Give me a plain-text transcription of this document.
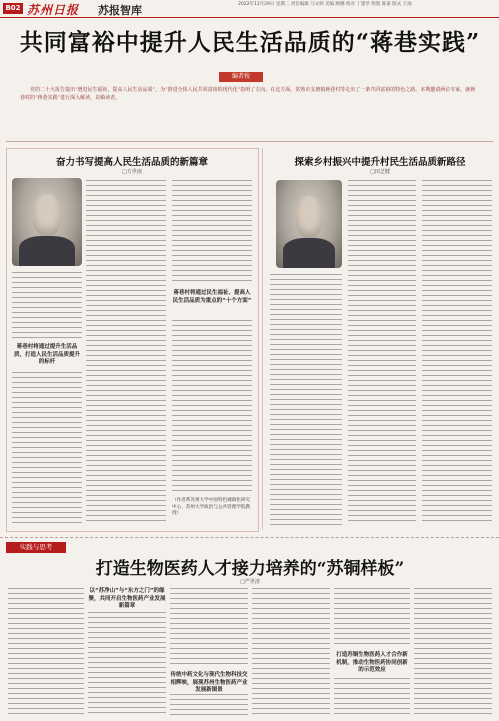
B02 苏州日报 苏报智库	2022年11月29日 星期二 责任编辑 马文婷 美编 顾娜 校对 丁建华 组版 陈嘉 版式 王灿
共同富裕中提升人民生活品质的“蒋巷实践”
编者按
党的二十大报告提出“增进民生福祉，提高人民生活品质”，为“推进全体人民共同富裕的现代化”指明了方向。在这方面，常熟市支塘镇蒋巷村等走出了一条共同富裕的特色之路。本期邀请两位专家，就蒋巷村的“蒋巷实践”进行深入解读，以飨读者。
奋力书写提高人民生活品质的新篇章
□方世南
蒋巷村将通过提升生活品质，打造人民生活品质提升的标杆
蒋巷村将通过民生福祉、提高人民生活品质为重点的“十个方面”
（作者系苏州大学中国特色城镇化研究中心、苏州大学政治与公共管理学院教授）
探索乡村振兴中提升村民生活品质新路径
□田芝健
实践与思考
打造生物医药人才接力培养的“苏铜样板”
□严世清
以“苏净山”与“东方之门”的缘聚，共同开启生物医药产业发展新篇章
传统中药文化与现代生物科技交相辉映，展现苏州生物医药产业发展新图景
打造苏铜生物医药人才合作新机制，推动生物医药协同创新的示范效应
